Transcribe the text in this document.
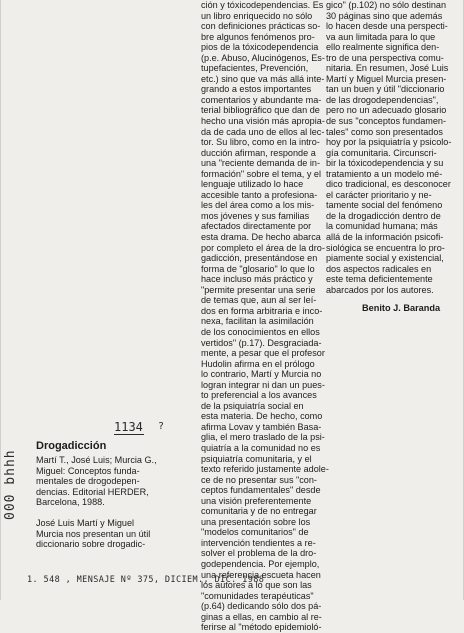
Drogadicción
Martí T., José Luis; Murcia G.,
Miguel: Conceptos funda-
mentales de drogodepen-
dencias. Editorial HERDER,
Barcelona, 1988.

José Luis Martí y Miguel
Murcia nos presentan un útil
diccionario sobre drogadic-
ción y tóxicodependencias. Es
un libro enriquecido no sólo
con definiciones prácticas so-
bre algunos fenómenos pro-
pios de la tóxicodependencia
(p.e. Abuso, Alucinógenos, Es-
tupefacientes, Prevención,
etc.) sino que va más allá inte-
grando a estos importantes
comentarios y abundante ma-
terial bibliográfico que dan de
hecho una visión más apropia-
da de cada uno de ellos al lec-
tor. Su libro, como en la intro-
ducción afirman, responde a
una "reciente demanda de in-
formación" sobre el tema, y el
lenguaje utilizado lo hace
accesible tanto a profesiona-
les del área como a los mis-
mos jóvenes y sus familias
afectados directamente por
esta drama. De hecho abarca
por completo el área de la dro-
gadicción, presentándose en
forma de "glosario" lo que lo
hace incluso más práctico y
"permite presentar una serie
de temas que, aun al ser leí-
dos en forma arbitraria e inco-
nexa, facilitan la asimilación
de los conocimientos en ellos
vertidos" (p.17). Desgraciada-
mente, a pesar que el profesor
Hudolin afirma en el prólogo
lo contrario, Martí y Murcia no
logran integrar ni dan un pues-
to preferencial a los avances
de la psiquiatría social en
esta materia. De hecho, como
afirma Lovav y también Basa-
glia, el mero traslado de la psi-
quiatría a la comunidad no es
psiquiatría comunitaria, y el
texto referido justamente adole-
ce de no presentar sus "con-
ceptos fundamentales" desde
una visión preferentemente
comunitaria y de no entregar
una presentación sobre los
"modelos comunitarios" de
intervención tendientes a re-
solver el problema de la dro-
godependencia. Por ejemplo,
una referencia escueta hacen
los autores a lo que son las
"comunidades terapéuticas"
(p.64) dedicando sólo dos pá-
ginas a ellas, en cambio al re-
ferirse al "método epidemioló-
gico" (p.102) no sólo destinan
30 páginas sino que además
lo hacen desde una perspecti-
va aun limitada para lo que
ello realmente significa den-
tro de una perspectiva comu-
nitaria. En resumen, José Luis
Martí y Miguel Murcia presen-
tan un buen y útil "diccionario
de las drogodependencias",
pero no un adecuado glosario
de sus "conceptos fundamen-
tales" como son presentados
hoy por la psiquiatría y psicolo-
gía comunitaria. Circunscri-
bir la tóxicodependencia y su
tratamiento a un modelo mé-
dico tradicional, es desconocer
el carácter prioritario y ne-
tamente social del fenómeno
de la drogadicción dentro de
la comunidad humana; más
allá de la información psicofi-
siológica se encuentra lo pro-
piamente social y existencial,
dos aspectos radicales en
este tema deficientemente
abarcados por los autores.
Benito J. Baranda
1134 ?
000 bhhh
1. 548 , MENSAJE Nº 375, DICIEM., DIC. 1988
